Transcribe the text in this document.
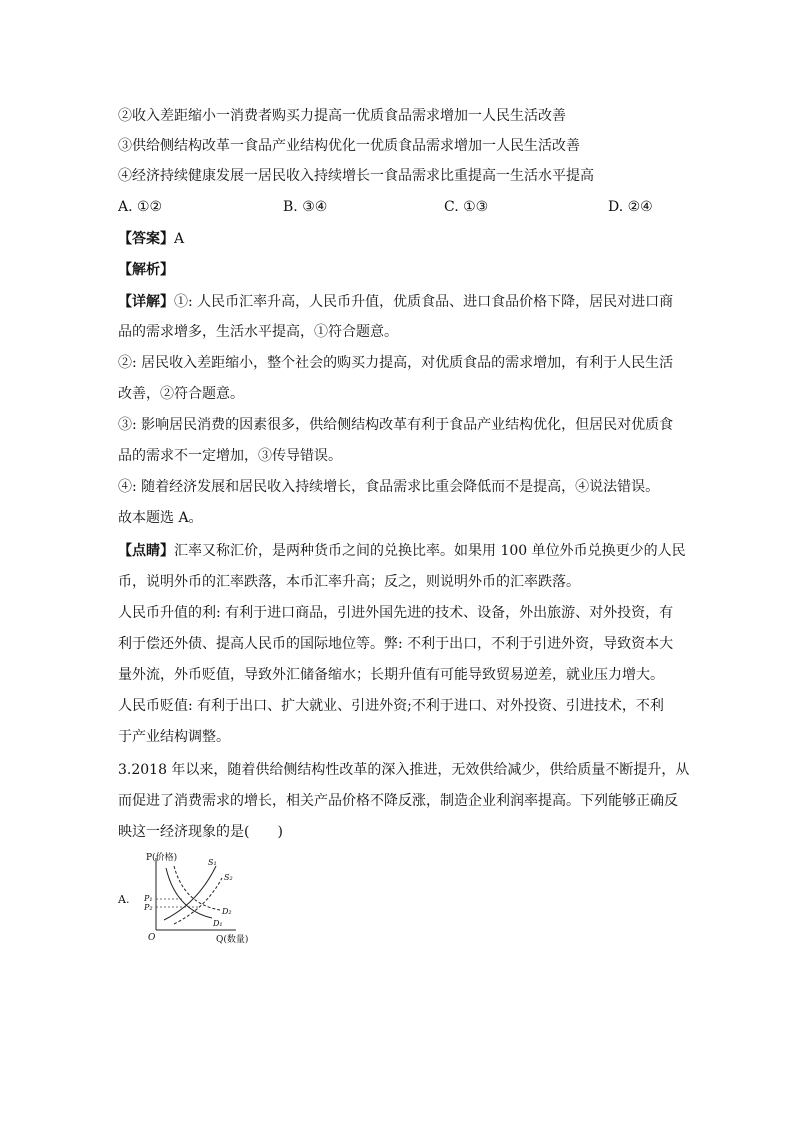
②收入差距缩小一消费者购买力提高一优质食品需求增加一人民生活改善
③供给侧结构改革一食品产业结构优化一优质食品需求增加一人民生活改善
④经济持续健康发展一居民收入持续增长一食品需求比重提高一生活水平提高
A. ①②	B. ③④	C. ①③	D. ②④
【答案】A
【解析】
【详解】①: 人民币汇率升高，人民币升值，优质食品、进口食品价格下降，居民对进口商
品的需求增多，生活水平提高，①符合题意。
②: 居民收入差距缩小，整个社会的购买力提高，对优质食品的需求增加，有利于人民生活
改善，②符合题意。
③: 影响居民消费的因素很多，供给侧结构改革有利于食品产业结构优化，但居民对优质食
品的需求不一定增加，③传导错误。
④: 随着经济发展和居民收入持续增长，食品需求比重会降低而不是提高，④说法错误。
故本题选 A。
【点睛】汇率又称汇价，是两种货币之间的兑换比率。如果用 100 单位外币兑换更少的人民
币，说明外币的汇率跌落，本币汇率升高；反之，则说明外币的汇率跌落。
人民币升值的利: 有利于进口商品，引进外国先进的技术、设备，外出旅游、对外投资，有
利于偿还外债、提高人民币的国际地位等。弊: 不利于出口，不利于引进外资，导致资本大
量外流，外币贬值，导致外汇储备缩水；长期升值有可能导致贸易逆差，就业压力增大。
人民币贬值: 有利于出口、扩大就业、引进外资;不利于进口、对外投资、引进技术，不利
于产业结构调整。
3.2018 年以来，随着供给侧结构性改革的深入推进，无效供给减少，供给质量不断提升，从
而促进了消费需求的增长，相关产品价格不降反涨，制造企业利润率提高。下列能够正确反
映这一经济现象的是(　　)
A.
P(价格)
Q(数量)
O
P₁
P₂
S₁
S₂
D₁
D₂
